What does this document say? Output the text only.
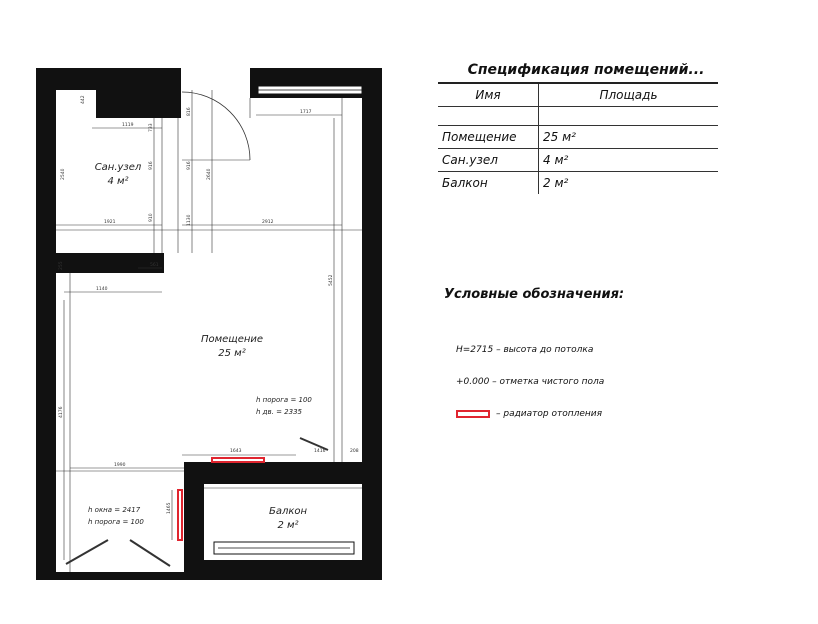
442
1119	733
2540
916	916
2640
1717
816
1921
910
2912
1130
561
255
1140
5452
4176
1643
1990
1465
1416	208
Сан.узел
4 м²
Помещение
25 м²
Балкон
2 м²
h порога = 100
h дв. = 2335
h окна = 2417
h порога = 100
Спецификация помещений...
Имя	Площадь

Помещение	25 м²
Сан.узел	4 м²
Балкон	2 м²
Условные обозначения:
H=2715 – высота до потолка
+0.000 – отметка чистого пола
– радиатор отопления
